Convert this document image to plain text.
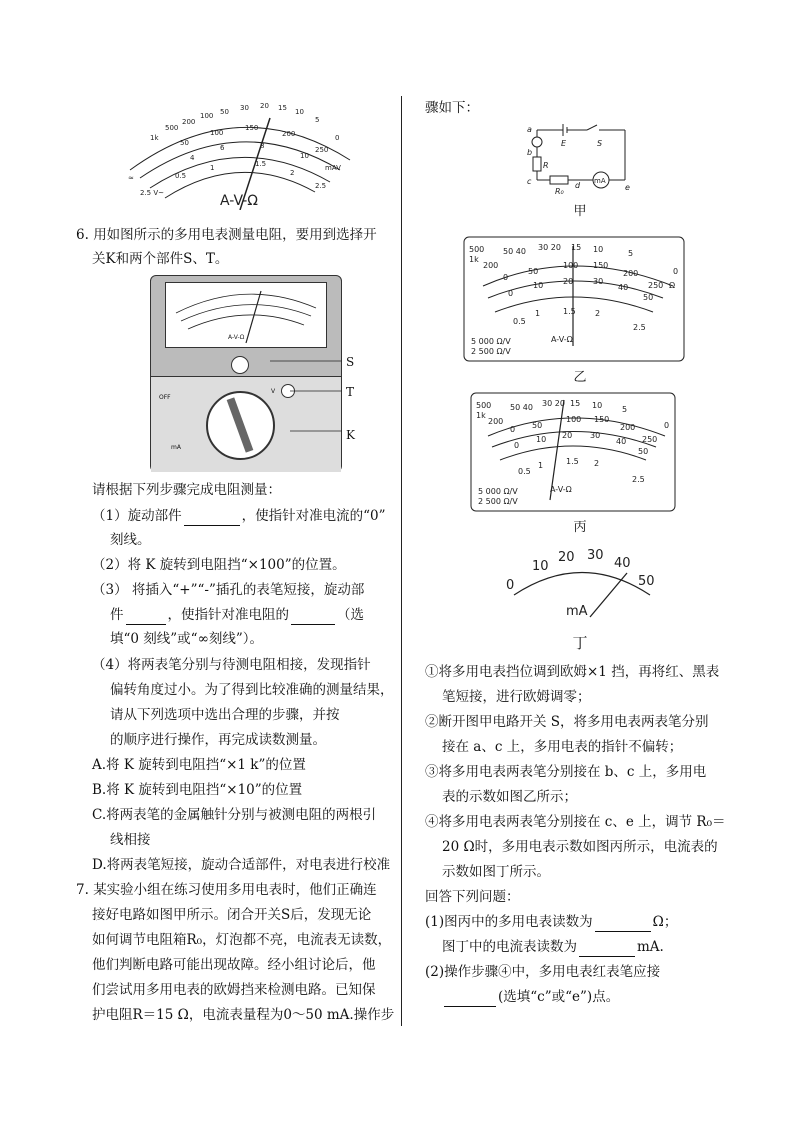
≈
2.5 V~
mAV
1k
500
200
100 50 30 20 15 10
5
0
50
100
150
200
250
4
6	8
10
0.5
1	1.5
2
2.5
A-V-Ω
6. 用如图所示的多用电表测量电阻，要用到选择开
关K和两个部件S、T。
A-V-Ω
OFF
mA
V
S
T
K
请根据下列步骤完成电阻测量：
（1）旋动部件	，使指针对准电流的“0”
刻线。
（2）将 K 旋转到电阻挡“×100”的位置。
（3） 将插入“+”“-”插孔的表笔短接，旋动部
件	，使指针对准电阻的	（选
填“0 刻线”或“∞刻线”）。
（4）将两表笔分别与待测电阻相接，发现指针
偏转角度过小。为了得到比较准确的测量结果，
请从下列选项中选出合理的步骤，并按
的顺序进行操作，再完成读数测量。
A.将 K 旋转到电阻挡“×1 k”的位置
B.将 K 旋转到电阻挡“×10”的位置
C.将两表笔的金属触针分别与被测电阻的两根引
线相接
D.将两表笔短接，旋动合适部件，对电表进行校准
7. 某实验小组在练习使用多用电表时，他们正确连
接好电路如图甲所示。闭合开关S后，发现无论
如何调节电阻箱R₀，灯泡都不亮，电流表无读数，
他们判断电路可能出现故障。经小组讨论后，他
们尝试用多用电表的欧姆挡来检测电路。已知保
护电阻R＝15 Ω，电流表量程为0～50 mA.操作步
骤如下：
a
b
c	d	e
E	S
R
R₀
mA
甲
500
1k
200
50 40 30 20 15 10	5
0
0
50
100 150
200
250
0
10 20 30
40
50
0.5
1	1.5 2
2.5
5 000 Ω/V
2 500 Ω/V
A-V-Ω
Ω
乙
500
1k
200
50 40 30 20 15 10 5
0
0 50
100 150
200
250
0
10 20 30
40
50
0.5
1	1.5 2
2.5
5 000 Ω/V
2 500 Ω/V
A-V-Ω
丙
0
10
20 30
40
50
mA
丁
①将多用电表挡位调到欧姆×1 挡，再将红、黑表
笔短接，进行欧姆调零；
②断开图甲电路开关 S，将多用电表两表笔分别
接在 a、c 上，多用电表的指针不偏转；
③将多用电表两表笔分别接在 b、c 上，多用电
表的示数如图乙所示；
④将多用电表两表笔分别接在 c、e 上，调节 R₀＝
20 Ω时，多用电表示数如图丙所示，电流表的
示数如图丁所示。
回答下列问题：
(1)图丙中的多用电表读数为	Ω；
图丁中的电流表读数为	mA.
(2)操作步骤④中，多用电表红表笔应接
(选填“c”或“e”)点。
